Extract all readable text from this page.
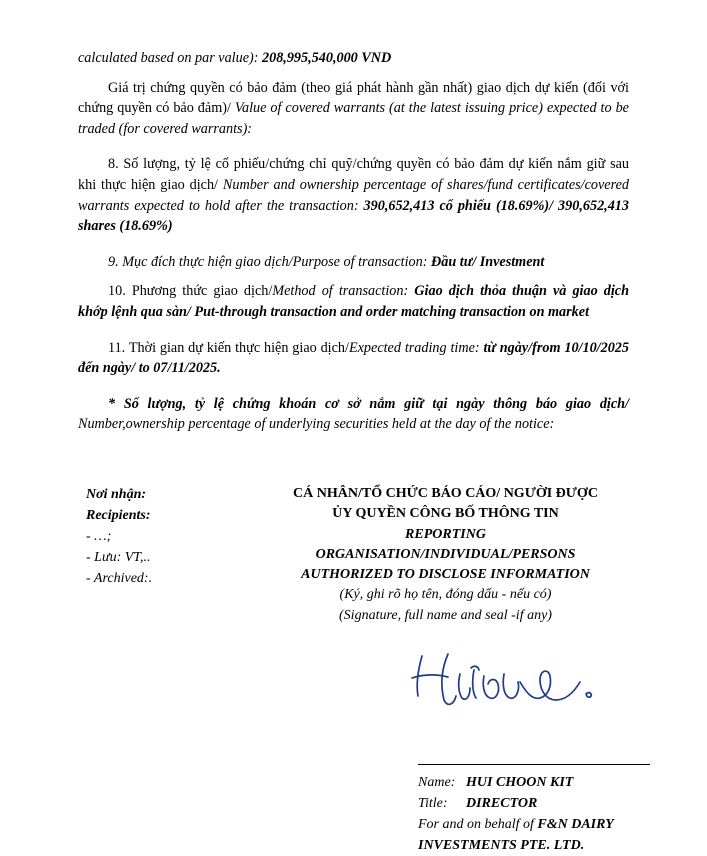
calculated based on par value): 208,995,540,000 VND

Giá trị chứng quyền có bảo đảm (theo giá phát hành gần nhất) giao dịch dự kiến (đối với chứng quyền có bảo đảm)/ Value of covered warrants (at the latest issuing price) expected to be traded (for covered warrants):

8. Số lượng, tỷ lệ cổ phiếu/chứng chỉ quỹ/chứng quyền có bảo đảm dự kiến nắm giữ sau khi thực hiện giao dịch/ Number and ownership percentage of shares/fund certificates/covered warrants expected to hold after the transaction: 390,652,413 cổ phiếu (18.69%)/ 390,652,413 shares (18.69%)

9. Mục đích thực hiện giao dịch/Purpose of transaction: Đầu tư/ Investment

10. Phương thức giao dịch/Method of transaction: Giao dịch thỏa thuận và giao dịch khớp lệnh qua sàn/ Put-through transaction and order matching transaction on market

11. Thời gian dự kiến thực hiện giao dịch/Expected trading time: từ ngày/from 10/10/2025 đến ngày/ to 07/11/2025.

* Số lượng, tỷ lệ chứng khoán cơ sở nắm giữ tại ngày thông báo giao dịch/ Number,ownership percentage of underlying securities held at the day of the notice:

Nơi nhận:
Recipients:
- …;
- Lưu: VT,..
- Archived:.
CÁ NHÂN/TỔ CHỨC BÁO CÁO/ NGƯỜI ĐƯỢC
ỦY QUYỀN CÔNG BỐ THÔNG TIN
REPORTING
ORGANISATION/INDIVIDUAL/PERSONS
AUTHORIZED TO DISCLOSE INFORMATION
(Ký, ghi rõ họ tên, đóng dấu - nếu có)
(Signature, full name and seal -if any)
Name: HUI CHOON KIT
Title: DIRECTOR
For and on behalf of F&N DAIRY
INVESTMENTS PTE. LTD.
